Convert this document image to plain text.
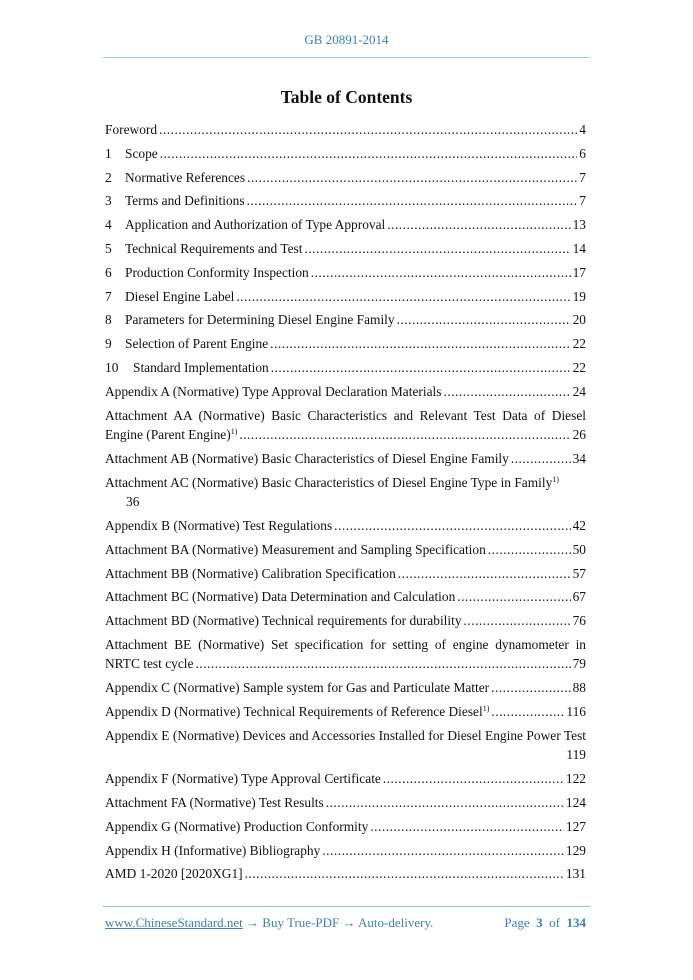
GB 20891-2014
Table of Contents
Foreword .....	4
1 Scope .....	6
2 Normative References .....	7
3 Terms and Definitions .....	7
4 Application and Authorization of Type Approval .....	13
5 Technical Requirements and Test .....	14
6 Production Conformity Inspection .....	17
7 Diesel Engine Label .....	19
8 Parameters for Determining Diesel Engine Family .....	20
9 Selection of Parent Engine .....	22
10 Standard Implementation .....	22
Appendix A (Normative) Type Approval Declaration Materials .....	24
Attachment AA (Normative) Basic Characteristics and Relevant Test Data of Diesel Engine (Parent Engine)$^{1)}$ .....	26
Attachment AB (Normative) Basic Characteristics of Diesel Engine Family .....	34
Attachment AC (Normative) Basic Characteristics of Diesel Engine Type in Family$^{1)}$
36
Appendix B (Normative) Test Regulations .....	42
Attachment BA (Normative) Measurement and Sampling Specification .....	50
Attachment BB (Normative) Calibration Specification .....	57
Attachment BC (Normative) Data Determination and Calculation .....	67
Attachment BD (Normative) Technical requirements for durability .....	76
Attachment BE (Normative) Set specification for setting of engine dynamometer in NRTC test cycle .....	79
Appendix C (Normative) Sample system for Gas and Particulate Matter .....	88
Appendix D (Normative) Technical Requirements of Reference Diesel$^{1)}$ .....	116
Appendix E (Normative) Devices and Accessories Installed for Diesel Engine Power Test .....
119
Appendix F (Normative) Type Approval Certificate .....	122
Attachment FA (Normative) Test Results .....	124
Appendix G (Normative) Production Conformity .....	127
Appendix H (Informative) Bibliography .....	129
AMD 1-2020 [2020XG1] .....	131
www.ChineseStandard.net → Buy True-PDF → Auto-delivery.	Page 3 of 134
